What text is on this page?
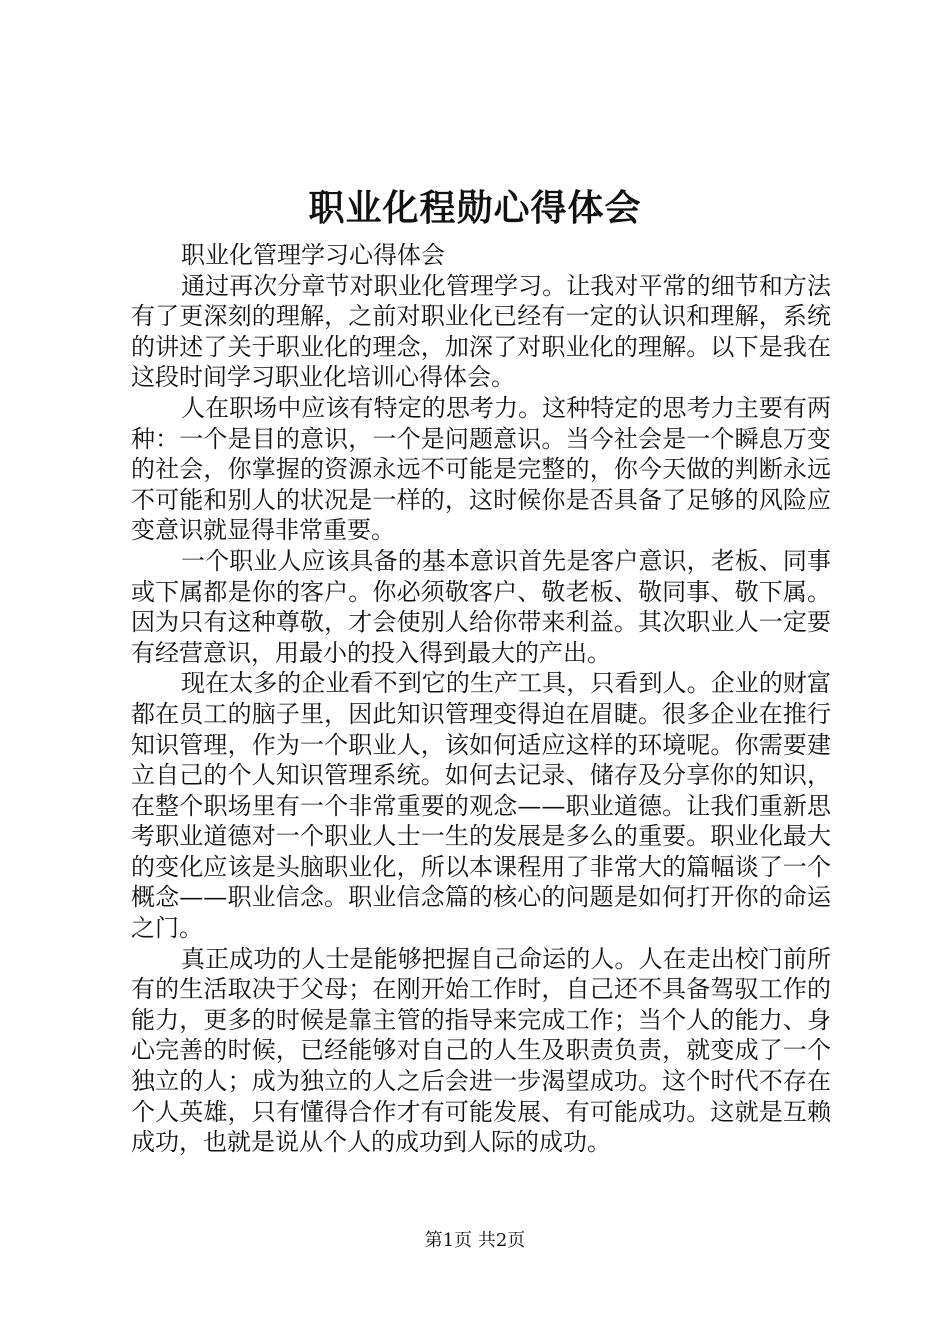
职业化程勋心得体会

职业化管理学习心得体会

通过再次分章节对职业化管理学习。让我对平常的细节和方法有了更深刻的理解，之前对职业化已经有一定的认识和理解，系统的讲述了关于职业化的理念，加深了对职业化的理解。以下是我在这段时间学习职业化培训心得体会。

人在职场中应该有特定的思考力。这种特定的思考力主要有两种：一个是目的意识，一个是问题意识。当今社会是一个瞬息万变的社会，你掌握的资源永远不可能是完整的，你今天做的判断永远不可能和别人的状况是一样的，这时候你是否具备了足够的风险应变意识就显得非常重要。

一个职业人应该具备的基本意识首先是客户意识，老板、同事或下属都是你的客户。你必须敬客户、敬老板、敬同事、敬下属。因为只有这种尊敬，才会使别人给你带来利益。其次职业人一定要有经营意识，用最小的投入得到最大的产出。

现在太多的企业看不到它的生产工具，只看到人。企业的财富都在员工的脑子里，因此知识管理变得迫在眉睫。很多企业在推行知识管理，作为一个职业人，该如何适应这样的环境呢。你需要建立自己的个人知识管理系统。如何去记录、储存及分享你的知识，在整个职场里有一个非常重要的观念——职业道德。让我们重新思考职业道德对一个职业人士一生的发展是多么的重要。职业化最大的变化应该是头脑职业化，所以本课程用了非常大的篇幅谈了一个概念——职业信念。职业信念篇的核心的问题是如何打开你的命运之门。

真正成功的人士是能够把握自己命运的人。人在走出校门前所有的生活取决于父母；在刚开始工作时，自己还不具备驾驭工作的能力，更多的时候是靠主管的指导来完成工作；当个人的能力、身心完善的时候，已经能够对自己的人生及职责负责，就变成了一个独立的人；成为独立的人之后会进一步渴望成功。这个时代不存在个人英雄，只有懂得合作才有可能发展、有可能成功。这就是互赖成功，也就是说从个人的成功到人际的成功。

第1页 共2页
